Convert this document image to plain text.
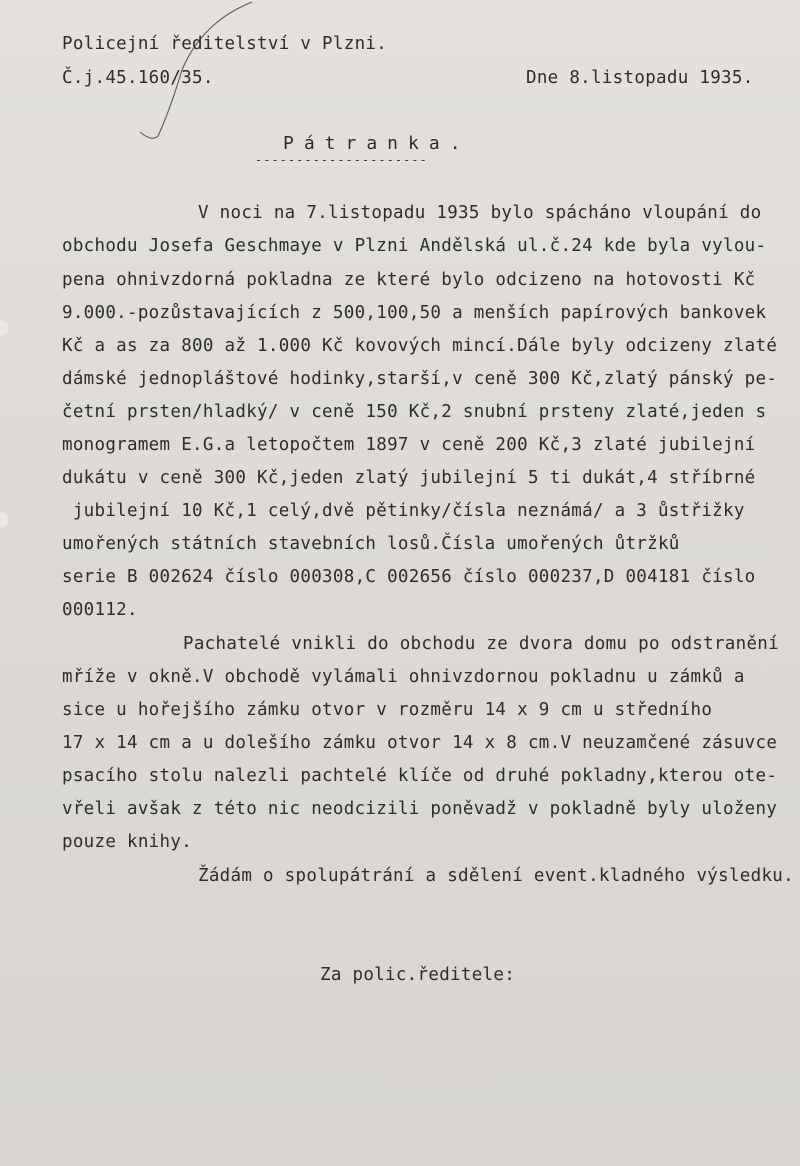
Policejní ředitelství v Plzni.

Č.j.45.160/35.	Dne 8.listopadu 1935.

Pátranka.

---------------------

V noci na 7.listopadu 1935 bylo spácháno vloupání do

obchodu Josefa Geschmaye v Plzni Andělská ul.č.24 kde byla vylou-

pena ohnivzdorná pokladna ze které bylo odcizeno na hotovosti Kč

9.000.-pozůstavajících z 500,100,50 a menších papírových bankovek

Kč a as za 800 až 1.000 Kč kovových mincí.Dále byly odcizeny zlaté

dámské jednopláštové hodinky,starší,v ceně 300 Kč,zlatý pánský pe-

četní prsten/hladký/ v ceně 150 Kč,2 snubní prsteny zlaté,jeden s

monogramem E.G.a letopočtem 1897 v ceně 200 Kč,3 zlaté jubilejní

dukátu v ceně 300 Kč,jeden zlatý jubilejní 5 ti dukát,4 stříbrné

jubilejní 10 Kč,1 celý,dvě pětinky/čísla neznámá/ a 3 ůstřižky

umořených státních stavebních losů.Čísla umořených ůtržků

serie B 002624 číslo 000308,C 002656 číslo 000237,D 004181 číslo

000112.

Pachatelé vnikli do obchodu ze dvora domu po odstranění

mříže v okně.V obchodě vylámali ohnivzdornou pokladnu u zámků a

sice u hořejšího zámku otvor v rozměru 14 x 9 cm u středního

17 x 14 cm a u dolešího zámku otvor 14 x 8 cm.V neuzamčené zásuvce

psacího stolu nalezli pachtelé klíče od druhé pokladny,kterou ote-

vřeli avšak z této nic neodcizili poněvadž v pokladně byly uloženy

pouze knihy.

Žádám o spolupátrání a sdělení event.kladného výsledku.

Za polic.ředitele:
